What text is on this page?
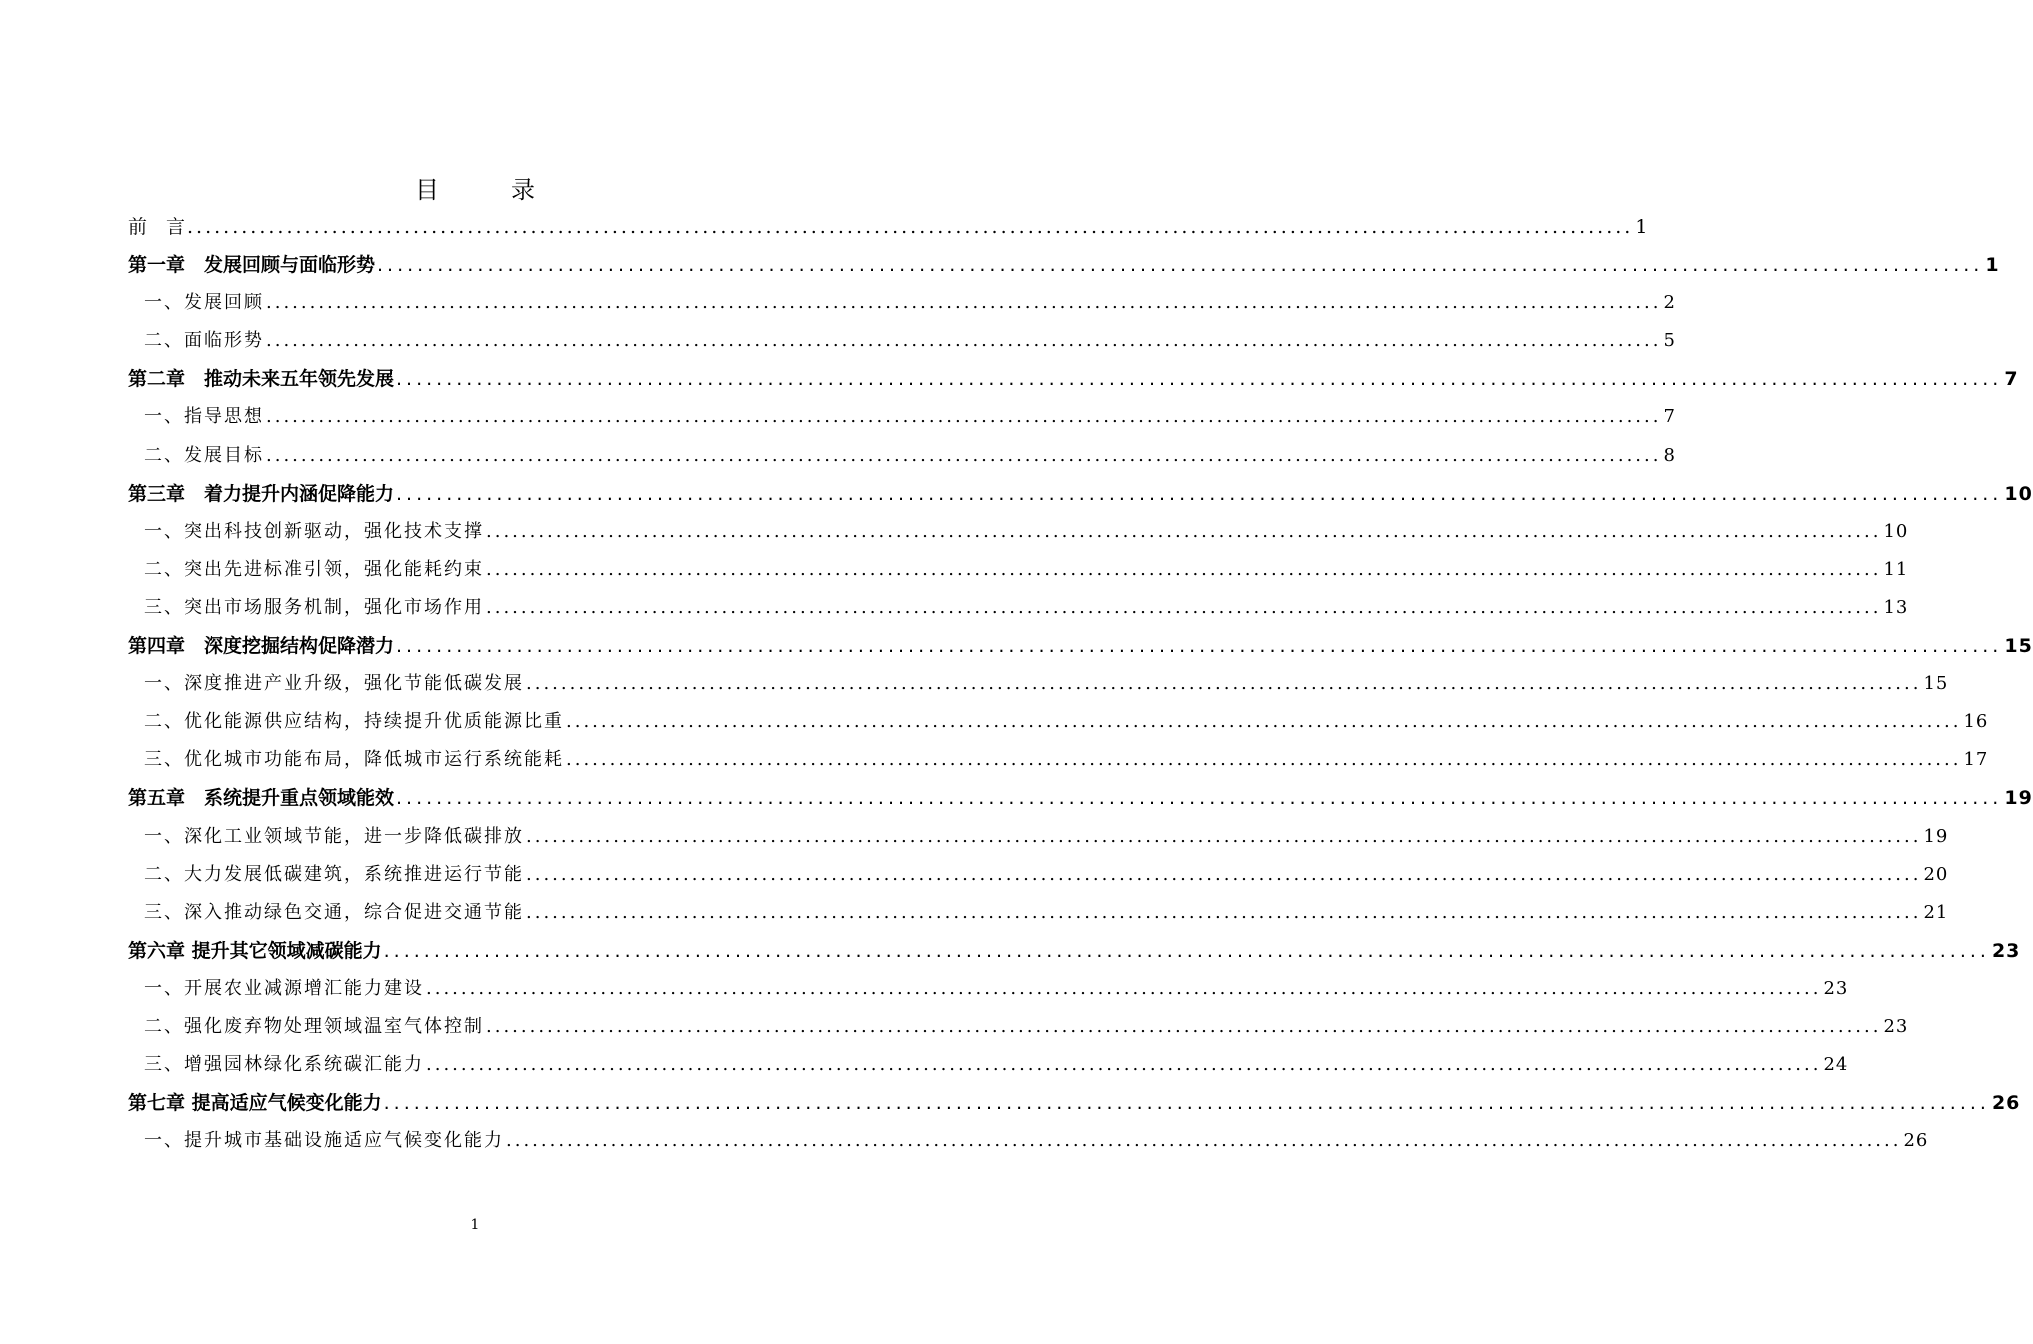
目　录
前　言 ................................................................................................................................................................ 1
第一章　发展回顾与面临形势 ................................................................................................................................................................ 1
一、发展回顾 ................................................................................................................................................................ 2
二、面临形势 ................................................................................................................................................................ 5
第二章　推动未来五年领先发展 ................................................................................................................................................................ 7
一、指导思想 ................................................................................................................................................................ 7
二、发展目标 ................................................................................................................................................................ 8
第三章　着力提升内涵促降能力 ................................................................................................................................................................ 10
一、突出科技创新驱动，强化技术支撑 ................................................................................................................................................................ 10
二、突出先进标准引领，强化能耗约束 ................................................................................................................................................................ 11
三、突出市场服务机制，强化市场作用 ................................................................................................................................................................ 13
第四章　深度挖掘结构促降潜力 ................................................................................................................................................................ 15
一、深度推进产业升级，强化节能低碳发展 ................................................................................................................................................................ 15
二、优化能源供应结构，持续提升优质能源比重 ................................................................................................................................................................ 16
三、优化城市功能布局，降低城市运行系统能耗 ................................................................................................................................................................ 17
第五章　系统提升重点领域能效 ................................................................................................................................................................ 19
一、深化工业领域节能，进一步降低碳排放 ................................................................................................................................................................ 19
二、大力发展低碳建筑，系统推进运行节能 ................................................................................................................................................................ 20
三、深入推动绿色交通，综合促进交通节能 ................................................................................................................................................................ 21
第六章 提升其它领域减碳能力 ................................................................................................................................................................ 23
一、开展农业减源增汇能力建设 ................................................................................................................................................................ 23
二、强化废弃物处理领域温室气体控制 ................................................................................................................................................................ 23
三、增强园林绿化系统碳汇能力 ................................................................................................................................................................ 24
第七章 提高适应气候变化能力 ................................................................................................................................................................ 26
一、提升城市基础设施适应气候变化能力 ................................................................................................................................................................ 26
1
